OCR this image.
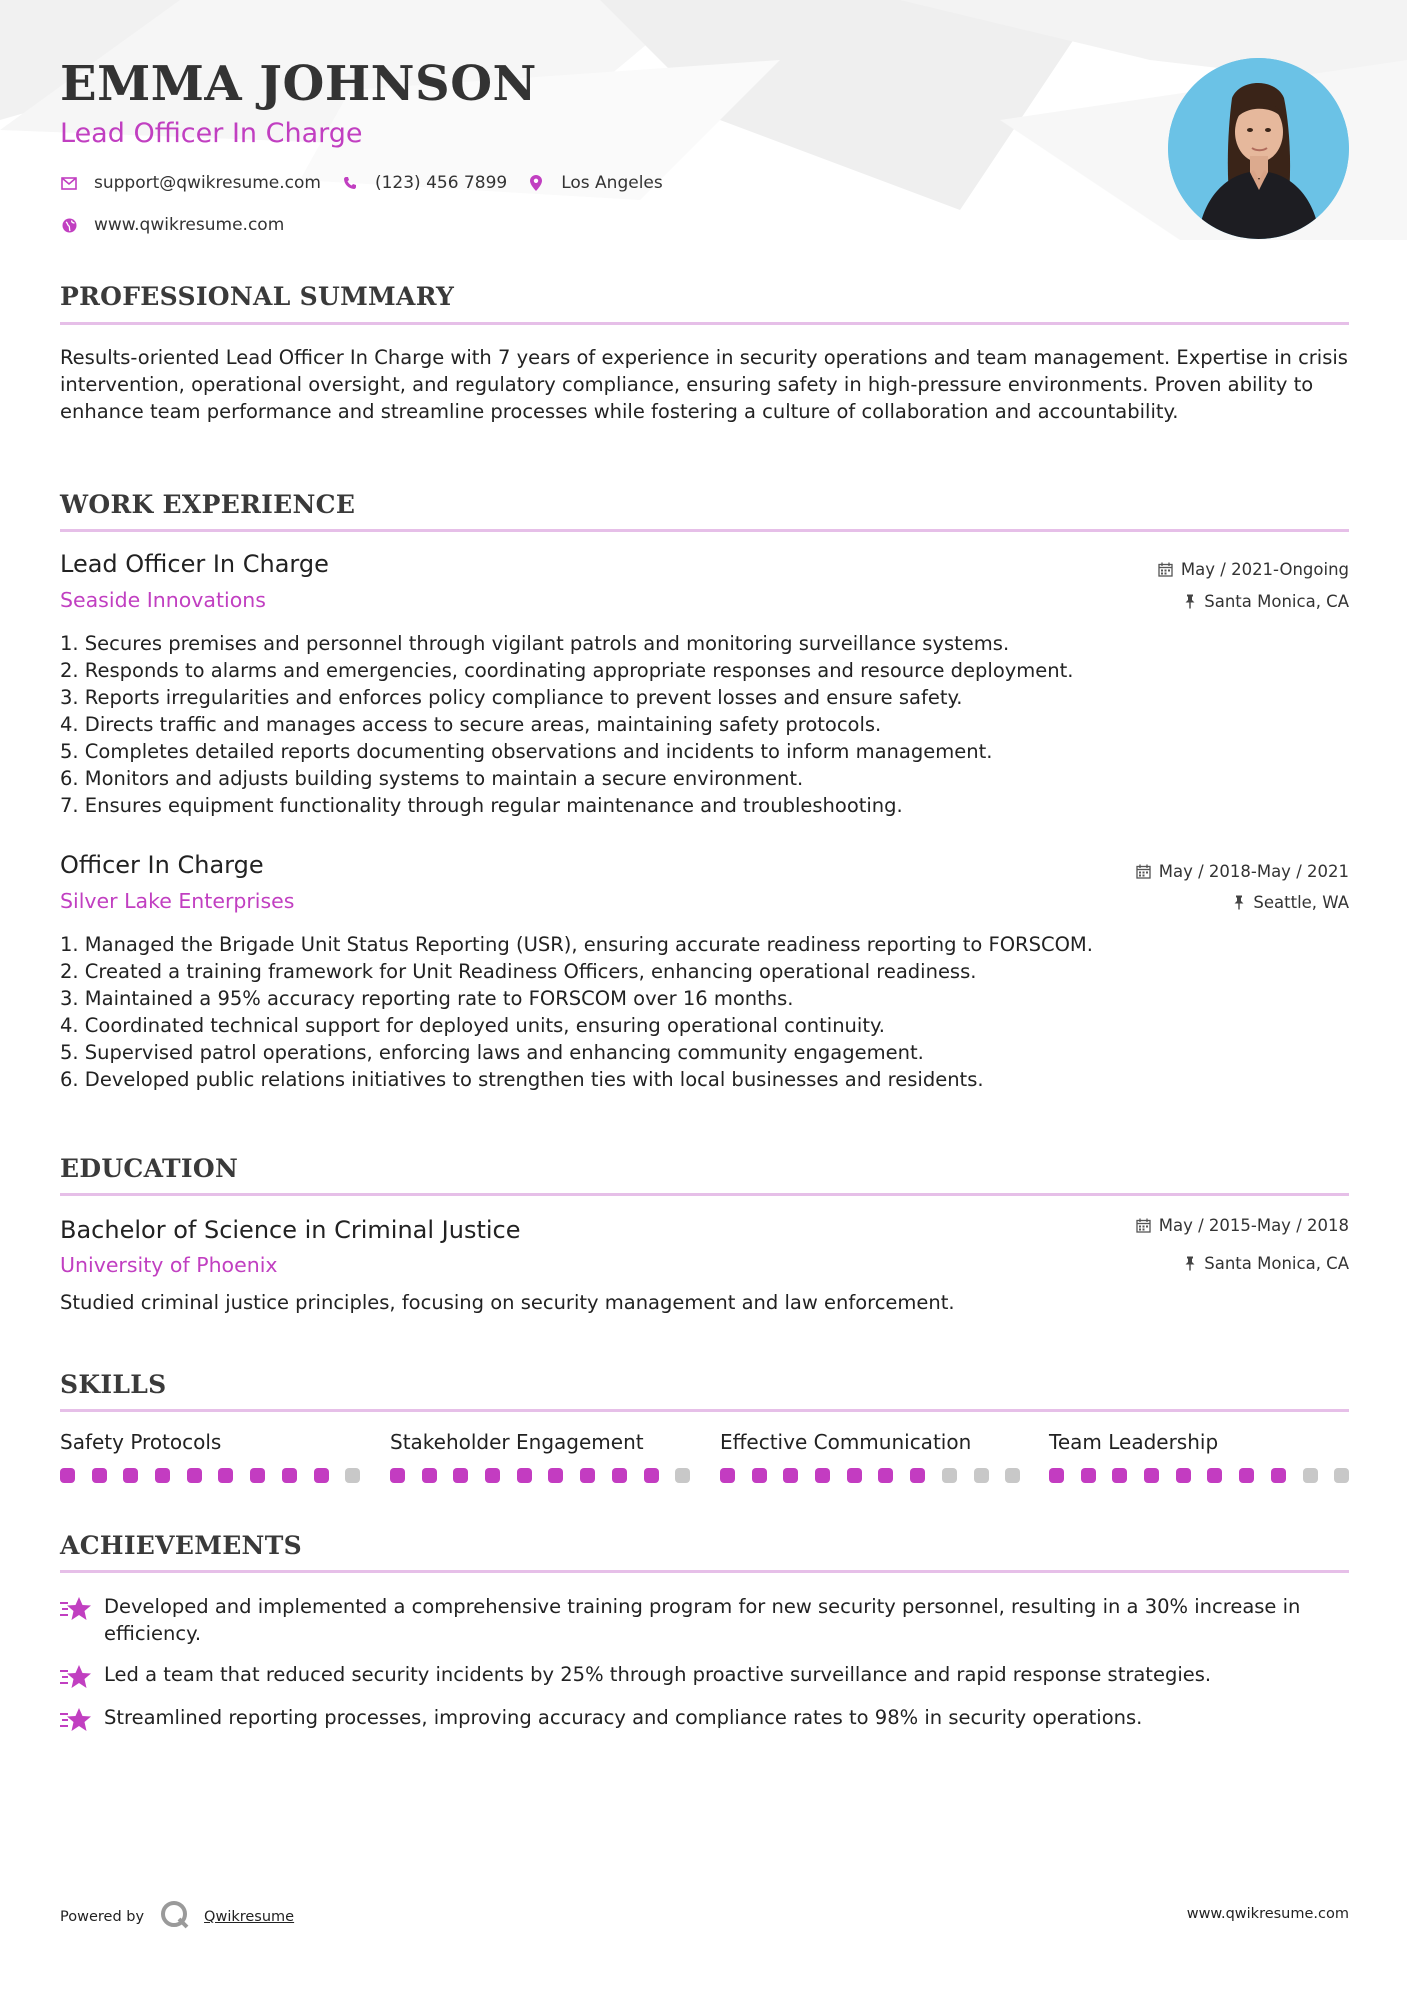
EMMA JOHNSON
Lead Officer In Charge
support@qwikresume.com	(123) 456 7899	Los Angeles
www.qwikresume.com
PROFESSIONAL SUMMARY
Results-oriented Lead Officer In Charge with 7 years of experience in security operations and team management. Expertise in crisis intervention, operational oversight, and regulatory compliance, ensuring safety in high-pressure environments. Proven ability to enhance team performance and streamline processes while fostering a culture of collaboration and accountability.
WORK EXPERIENCE
Lead Officer In Charge	May / 2021-Ongoing
Seaside Innovations	Santa Monica, CA
1. Secures premises and personnel through vigilant patrols and monitoring surveillance systems.
2. Responds to alarms and emergencies, coordinating appropriate responses and resource deployment.
3. Reports irregularities and enforces policy compliance to prevent losses and ensure safety.
4. Directs traffic and manages access to secure areas, maintaining safety protocols.
5. Completes detailed reports documenting observations and incidents to inform management.
6. Monitors and adjusts building systems to maintain a secure environment.
7. Ensures equipment functionality through regular maintenance and troubleshooting.
Officer In Charge	May / 2018-May / 2021
Silver Lake Enterprises	Seattle, WA
1. Managed the Brigade Unit Status Reporting (USR), ensuring accurate readiness reporting to FORSCOM.
2. Created a training framework for Unit Readiness Officers, enhancing operational readiness.
3. Maintained a 95% accuracy reporting rate to FORSCOM over 16 months.
4. Coordinated technical support for deployed units, ensuring operational continuity.
5. Supervised patrol operations, enforcing laws and enhancing community engagement.
6. Developed public relations initiatives to strengthen ties with local businesses and residents.
EDUCATION
Bachelor of Science in Criminal Justice	May / 2015-May / 2018
University of Phoenix	Santa Monica, CA
Studied criminal justice principles, focusing on security management and law enforcement.
SKILLS
Safety Protocols	Stakeholder Engagement	Effective Communication	Team Leadership
ACHIEVEMENTS
Developed and implemented a comprehensive training program for new security personnel, resulting in a 30% increase in efficiency.
Led a team that reduced security incidents by 25% through proactive surveillance and rapid response strategies.
Streamlined reporting processes, improving accuracy and compliance rates to 98% in security operations.
Powered by	Qwikresume	www.qwikresume.com
